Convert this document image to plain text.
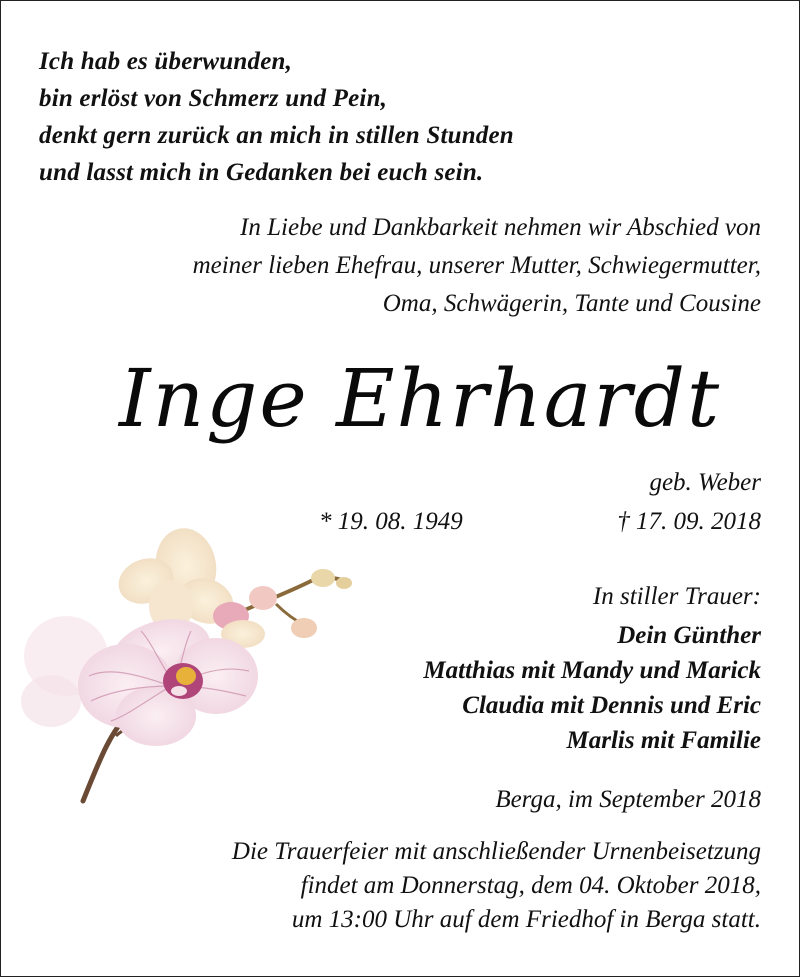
Ich hab es überwunden,
bin erlöst von Schmerz und Pein,
denkt gern zurück an mich in stillen Stunden
und lasst mich in Gedanken bei euch sein.
In Liebe und Dankbarkeit nehmen wir Abschied von
meiner lieben Ehefrau, unserer Mutter, Schwiegermutter,
Oma, Schwägerin, Tante und Cousine
Inge Ehrhardt
geb. Weber
* 19. 08. 1949	† 17. 09. 2018
In stiller Trauer:
Dein Günther
Matthias mit Mandy und Marick
Claudia mit Dennis und Eric
Marlis mit Familie
Berga, im September 2018
Die Trauerfeier mit anschließender Urnenbeisetzung
findet am Donnerstag, dem 04. Oktober 2018,
um 13:00 Uhr auf dem Friedhof in Berga statt.
